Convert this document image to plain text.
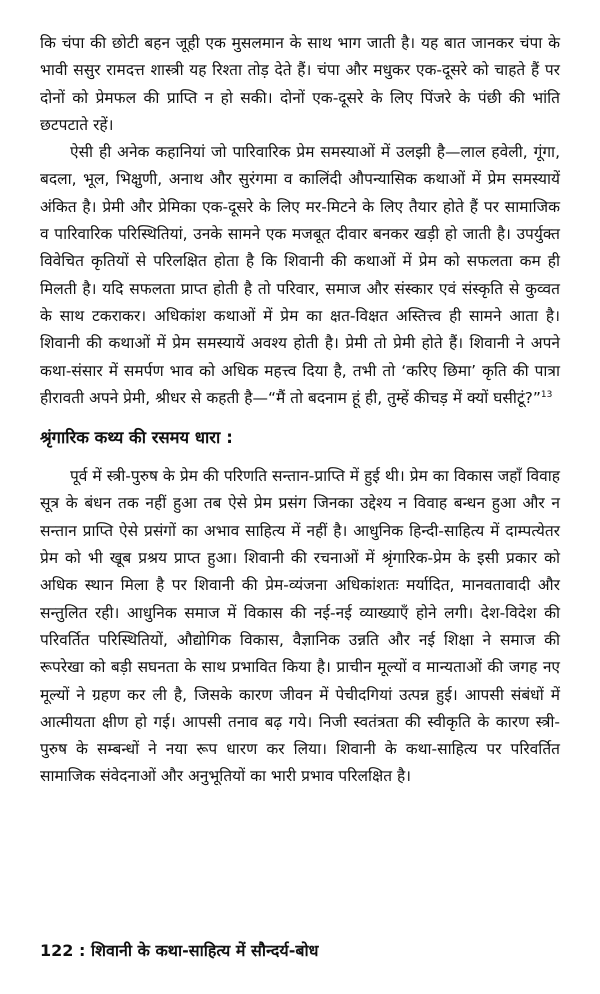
कि चंपा की छोटी बहन जूही एक मुसलमान के साथ भाग जाती है। यह बात जानकर चंपा के भावी ससुर रामदत्त शास्त्री यह रिश्ता तोड़ देते हैं। चंपा और मधुकर एक-दूसरे को चाहते हैं पर दोनों को प्रेमफल की प्राप्ति न हो सकी। दोनों एक-दूसरे के लिए पिंजरे के पंछी की भांति छटपटाते रहें।

ऐसी ही अनेक कहानियां जो पारिवारिक प्रेम समस्याओं में उलझी है—लाल हवेली, गूंगा, बदला, भूल, भिक्षुणी, अनाथ और सुरंगमा व कालिंदी औपन्यासिक कथाओं में प्रेम समस्यायें अंकित है। प्रेमी और प्रेमिका एक-दूसरे के लिए मर-मिटने के लिए तैयार होते हैं पर सामाजिक व पारिवारिक परिस्थितियां, उनके सामने एक मजबूत दीवार बनकर खड़ी हो जाती है। उपर्युक्त विवेचित कृतियों से परिलक्षित होता है कि शिवानी की कथाओं में प्रेम को सफलता कम ही मिलती है। यदि सफलता प्राप्त होती है तो परिवार, समाज और संस्कार एवं संस्कृति से कुव्वत के साथ टकराकर। अधिकांश कथाओं में प्रेम का क्षत-विक्षत अस्तित्त्व ही सामने आता है। शिवानी की कथाओं में प्रेम समस्यायें अवश्य होती है। प्रेमी तो प्रेमी होते हैं। शिवानी ने अपने कथा-संसार में समर्पण भाव को अधिक महत्त्व दिया है, तभी तो ‘करिए छिमा’ कृति की पात्रा हीरावती अपने प्रेमी, श्रीधर से कहती है—“मैं तो बदनाम हूं ही, तुम्हें कीचड़ में क्यों घसीटूं?”$^{13}$

श्रृंगारिक कथ्य की रसमय धारा :

पूर्व में स्त्री-पुरुष के प्रेम की परिणति सन्तान-प्राप्ति में हुई थी। प्रेम का विकास जहाँ विवाह सूत्र के बंधन तक नहीं हुआ तब ऐसे प्रेम प्रसंग जिनका उद्देश्य न विवाह बन्धन हुआ और न सन्तान प्राप्ति ऐसे प्रसंगों का अभाव साहित्य में नहीं है। आधुनिक हिन्दी-साहित्य में दाम्पत्येतर प्रेम को भी खूब प्रश्रय प्राप्त हुआ। शिवानी की रचनाओं में श्रृंगारिक-प्रेम के इसी प्रकार को अधिक स्थान मिला है पर शिवानी की प्रेम-व्यंजना अधिकांशतः मर्यादित, मानवतावादी और सन्तुलित रही। आधुनिक समाज में विकास की नई-नई व्याख्याएँ होने लगी। देश-विदेश की परिवर्तित परिस्थितियों, औद्योगिक विकास, वैज्ञानिक उन्नति और नई शिक्षा ने समाज की रूपरेखा को बड़ी सघनता के साथ प्रभावित किया है। प्राचीन मूल्यों व मान्यताओं की जगह नए मूल्यों ने ग्रहण कर ली है, जिसके कारण जीवन में पेचीदगियां उत्पन्न हुई। आपसी संबंधों में आत्मीयता क्षीण हो गई। आपसी तनाव बढ़ गये। निजी स्वतंत्रता की स्वीकृति के कारण स्त्री-पुरुष के सम्बन्धों ने नया रूप धारण कर लिया। शिवानी के कथा-साहित्य पर परिवर्तित सामाजिक संवेदनाओं और अनुभूतियों का भारी प्रभाव परिलक्षित है।

122 : शिवानी के कथा-साहित्य में सौन्दर्य-बोध
